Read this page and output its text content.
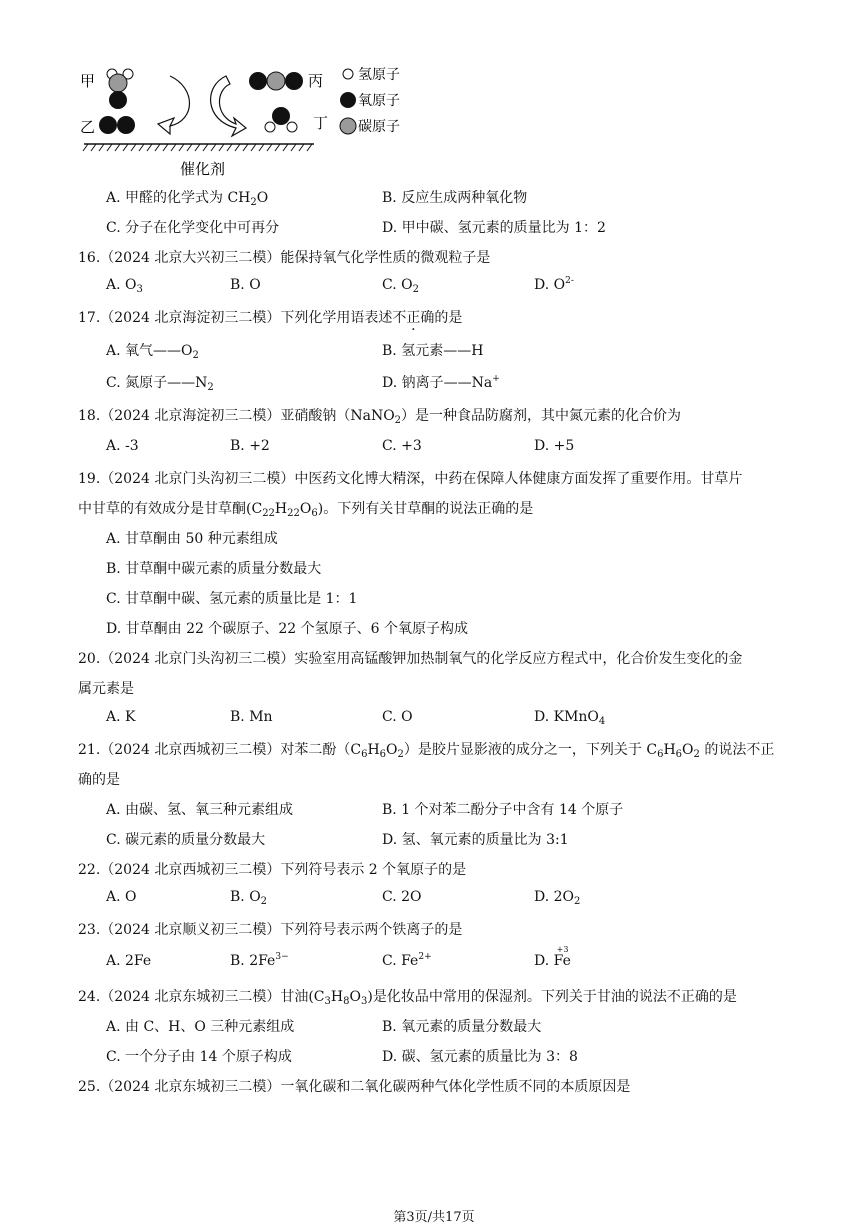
甲
乙
丙
丁
催化剂
氢原子
氧原子
碳原子
A. 甲醛的化学式为 $CH_2O$	B. 反应生成两种氧化物
C. 分子在化学变化中可再分	D. 甲中碳、氢元素的质量比为 1：2
16.（2024 北京大兴初三二模）能保持氧气化学性质的微观粒子是
A. $O_3$	B. O	C. $O_2$	D. $O^{2-}$
17.（2024 北京海淀初三二模）下列化学用语表述不正确的是
A. 氧气$——O_2$	B. 氢元素——H
C. 氮原子$——N_2$	D. 钠离子——Na+
18.（2024 北京海淀初三二模）亚硝酸钠（NaNO$_2$）是一种食品防腐剂，其中氮元素的化合价为
A. -3	B. +2	C. +3	D. +5
19.（2024 北京门头沟初三二模）中医药文化博大精深，中药在保障人体健康方面发挥了重要作用。甘草片
中甘草的有效成分是甘草酮$(C_{22}H_{22}O_6)$。下列有关甘草酮的说法正确的是
A. 甘草酮由 50 种元素组成
B. 甘草酮中碳元素的质量分数最大
C. 甘草酮中碳、氢元素的质量比是 1：1
D. 甘草酮由 22 个碳原子、22 个氢原子、6 个氧原子构成
20.（2024 北京门头沟初三二模）实验室用高锰酸钾加热制氧气的化学反应方程式中，化合价发生变化的金
属元素是
A. K	B. Mn	C. O	D. KMnO$_4$
21.（2024 北京西城初三二模）对苯二酚$(C_6H_6O_2)$是胶片显影液的成分之一，下列关于 $C_6H_6O_2$ 的说法不正
确的是
A. 由碳、氢、氧三种元素组成	B. 1 个对苯二酚分子中含有 14 个原子
C. 碳元素的质量分数最大	D. 氢、氧元素的质量比为 3:1
22.（2024 北京西城初三二模）下列符号表示 2 个氧原子的是
A. O	B. $O_2$	C. 2O	D. $2O_2$
23.（2024 北京顺义初三二模）下列符号表示两个铁离子的是
A. 2Fe	B. $2Fe^{3-}$	C. $Fe^{2+}$	D.
+3
Fe
24.（2024 北京东城初三二模）甘油$(C_3H_8O_3)$是化妆品中常用的保湿剂。下列关于甘油的说法不正确的是
A. 由 C、H、O 三种元素组成	B. 氧元素的质量分数最大
C. 一个分子由 14 个原子构成	D. 碳、氢元素的质量比为 3：8
25.（2024 北京东城初三二模）一氧化碳和二氧化碳两种气体化学性质不同的本质原因是
第3页/共17页
